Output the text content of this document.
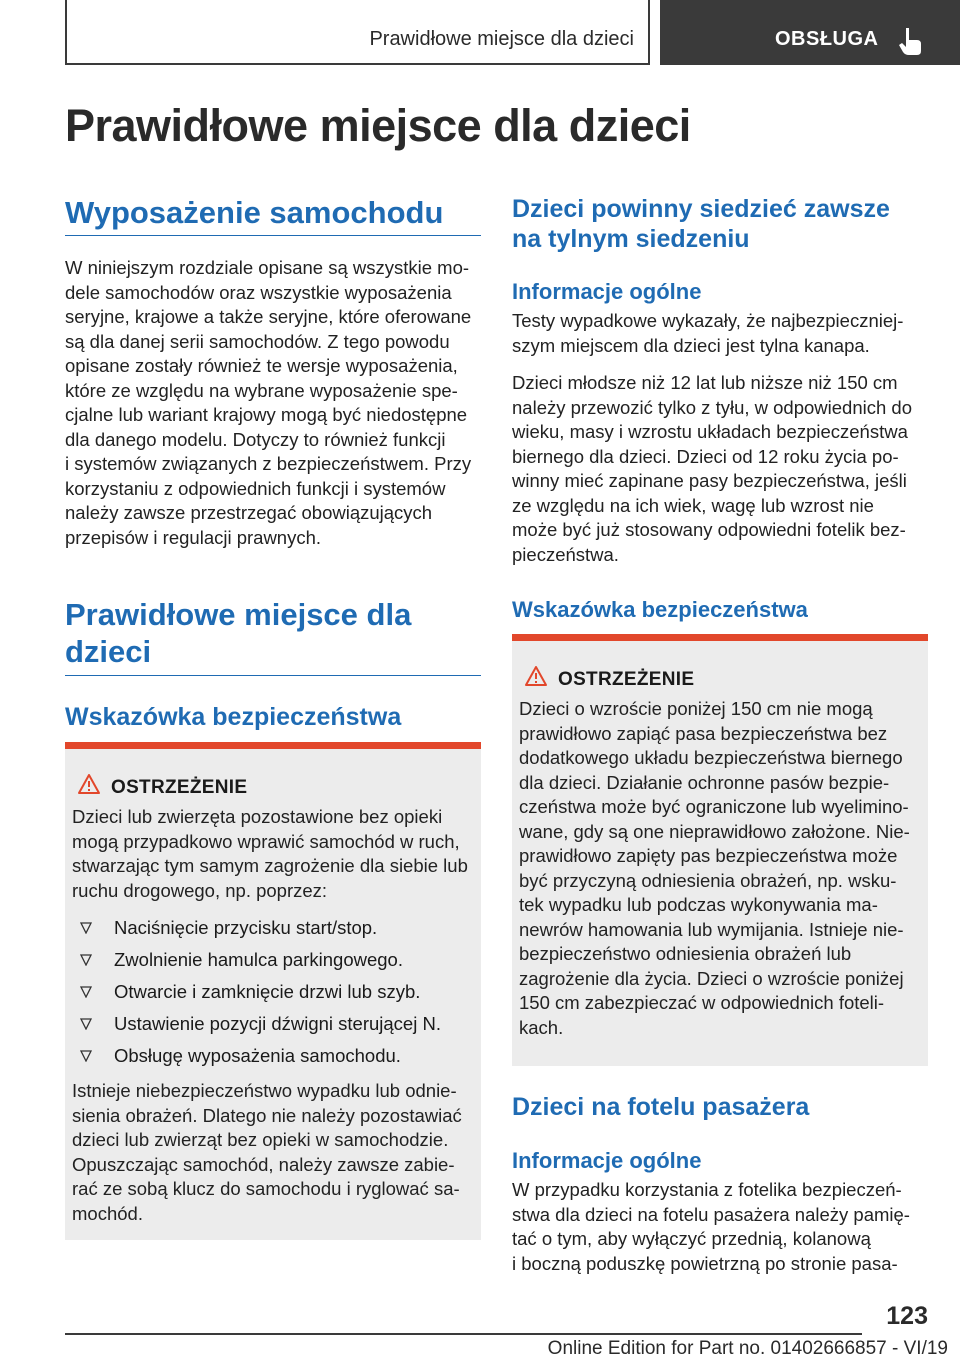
Prawidłowe miejsce dla dzieci	OBSŁUGA
Prawidłowe miejsce dla dzieci
Wyposażenie samochodu
W niniejszym rozdziale opisane są wszystkie mo‐
dele samochodów oraz wszystkie wyposażenia
seryjne, krajowe a także seryjne, które oferowane
są dla danej serii samochodów. Z tego powodu
opisane zostały również te wersje wyposażenia,
które ze względu na wybrane wyposażenie spe‐
cjalne lub wariant krajowy mogą być niedostępne
dla danego modelu. Dotyczy to również funkcji
i systemów związanych z bezpieczeństwem. Przy
korzystaniu z odpowiednich funkcji i systemów
należy zawsze przestrzegać obowiązujących
przepisów i regulacji prawnych.
Prawidłowe miejsce dla
dzieci
Wskazówka bezpieczeństwa
OSTRZEŻENIE
Dzieci lub zwierzęta pozostawione bez opieki
mogą przypadkowo wprawić samochód w ruch,
stwarzając tym samym zagrożenie dla siebie lub
ruchu drogowego, np. poprzez:
Naciśnięcie przycisku start/stop.
Zwolnienie hamulca parkingowego.
Otwarcie i zamknięcie drzwi lub szyb.
Ustawienie pozycji dźwigni sterującej N.
Obsługę wyposażenia samochodu.
Istnieje niebezpieczeństwo wypadku lub odnie‐
sienia obrażeń. Dlatego nie należy pozostawiać
dzieci lub zwierząt bez opieki w samochodzie.
Opuszczając samochód, należy zawsze zabie‐
rać ze sobą klucz do samochodu i ryglować sa‐
mochód.
Dzieci powinny siedzieć zawsze
na tylnym siedzeniu
Informacje ogólne
Testy wypadkowe wykazały, że najbezpieczniej‐
szym miejscem dla dzieci jest tylna kanapa.
Dzieci młodsze niż 12 lat lub niższe niż 150 cm
należy przewozić tylko z tyłu, w odpowiednich do
wieku, masy i wzrostu układach bezpieczeństwa
biernego dla dzieci. Dzieci od 12 roku życia po‐
winny mieć zapinane pasy bezpieczeństwa, jeśli
ze względu na ich wiek, wagę lub wzrost nie
może być już stosowany odpowiedni fotelik bez‐
pieczeństwa.
Wskazówka bezpieczeństwa
OSTRZEŻENIE
Dzieci o wzroście poniżej 150 cm nie mogą
prawidłowo zapiąć pasa bezpieczeństwa bez
dodatkowego układu bezpieczeństwa biernego
dla dzieci. Działanie ochronne pasów bezpie‐
czeństwa może być ograniczone lub wyelimino‐
wane, gdy są one nieprawidłowo założone. Nie‐
prawidłowo zapięty pas bezpieczeństwa może
być przyczyną odniesienia obrażeń, np. wsku‐
tek wypadku lub podczas wykonywania ma‐
newrów hamowania lub wymijania. Istnieje nie‐
bezpieczeństwo odniesienia obrażeń lub
zagrożenie dla życia. Dzieci o wzroście poniżej
150 cm zabezpieczać w odpowiednich foteli‐
kach.
Dzieci na fotelu pasażera
Informacje ogólne
W przypadku korzystania z fotelika bezpieczeń‐
stwa dla dzieci na fotelu pasażera należy pamię‐
tać o tym, aby wyłączyć przednią, kolanową
i boczną poduszkę powietrzną po stronie pasa‐
123
Online Edition for Part no. 01402666857 - VI/19
